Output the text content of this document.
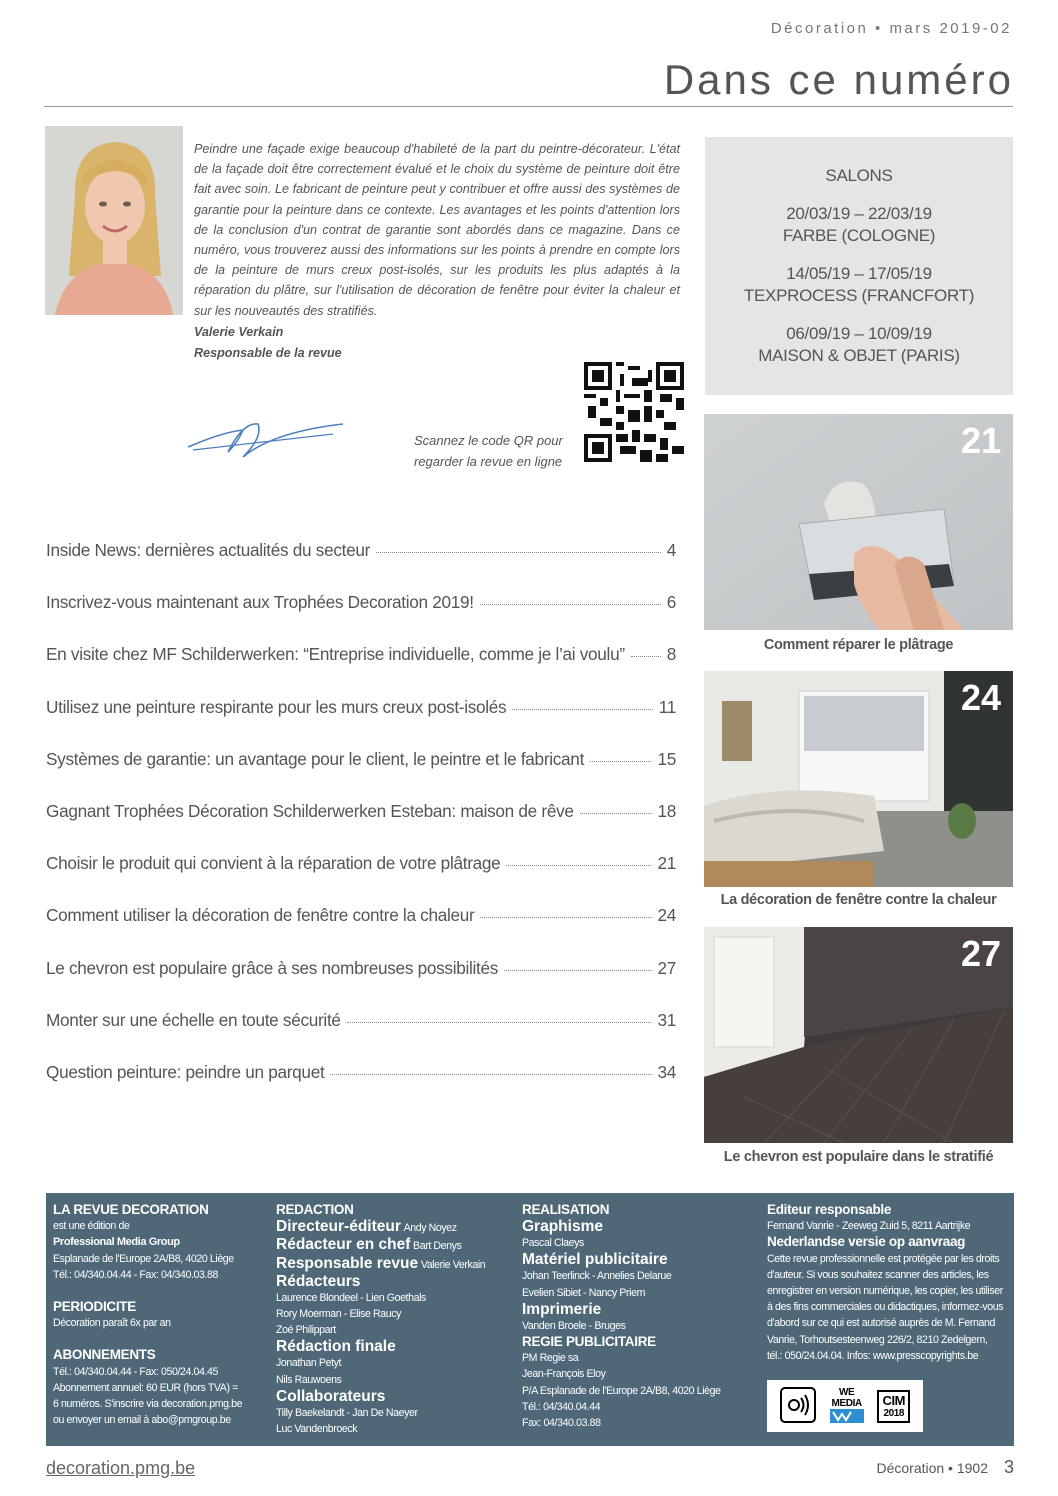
Décoration • mars 2019-02
Dans ce numéro
Peindre une façade exige beaucoup d'habileté de la part du peintre-décorateur. L'état de la façade doit être correctement évalué et le choix du système de peinture doit être fait avec soin. Le fabricant de peinture peut y contribuer et offre aussi des systèmes de garantie pour la peinture dans ce contexte. Les avantages et les points d'attention lors de la conclusion d'un contrat de garantie sont abordés dans ce magazine. Dans ce numéro, vous trouverez aussi des informations sur les points à prendre en compte lors de la peinture de murs creux post-isolés, sur les produits les plus adaptés à la réparation du plâtre, sur l'utilisation de décoration de fenêtre pour éviter la chaleur et sur les nouveautés des stratifiés.
Valerie Verkain
Responsable de la revue
Scannez le code QR pour
regarder la revue en ligne
SALONS
20/03/19 – 22/03/19
FARBE (COLOGNE)
14/05/19 – 17/05/19
TEXPROCESS (FRANCFORT)
06/09/19 – 10/09/19
MAISON & OBJET (PARIS)
21
Comment réparer le plâtrage
24
La décoration de fenêtre contre la chaleur
27
Le chevron est populaire dans le stratifié
Inside News: dernières actualités du secteur	4
Inscrivez-vous maintenant aux Trophées Decoration 2019!	6
En visite chez MF Schilderwerken: “Entreprise individuelle, comme je l’ai voulu” 8
Utilisez une peinture respirante pour les murs creux post-isolés	11
Systèmes de garantie: un avantage pour le client, le peintre et le fabricant	15
Gagnant Trophées Décoration Schilderwerken Esteban: maison de rêve	18
Choisir le produit qui convient à la réparation de votre plâtrage	21
Comment utiliser la décoration de fenêtre contre la chaleur	24
Le chevron est populaire grâce à ses nombreuses possibilités	27
Monter sur une échelle en toute sécurité	31
Question peinture: peindre un parquet	34
LA REVUE DECORATION
est une édition de
Professional Media Group
Esplanade de l'Europe 2A/B8, 4020 Liège
Tél.: 04/340.04.44 - Fax: 04/340.03.88
PERIODICITE
Décoration paraît 6x par an
ABONNEMENTS
Tél.: 04/340.04.44 - Fax: 050/24.04.45
Abonnement annuel: 60 EUR (hors TVA) =
6 numéros. S'inscrire via decoration.pmg.be
ou envoyer un email à abo@pmgroup.be
REDACTION
Directeur-éditeur Andy Noyez
Rédacteur en chef Bart Denys
Responsable revue Valerie Verkain
Rédacteurs
Laurence Blondeel - Lien Goethals
Rory Moerman - Elise Raucy
Zoé Philippart
Rédaction finale
Jonathan Petyt
Nils Rauwoens
Collaborateurs
Tilly Baekelandt - Jan De Naeyer
Luc Vandenbroeck
REALISATION
Graphisme
Pascal Claeys
Matériel publicitaire
Johan Teerlinck - Annelies Delarue
Evelien Sibiet - Nancy Priem
Imprimerie
Vanden Broele - Bruges
REGIE PUBLICITAIRE
PM Regie sa
Jean-François Eloy
P/A Esplanade de l'Europe 2A/B8, 4020 Liège
Tél.: 04/340.04.44
Fax: 04/340.03.88
Editeur responsable
Fernand Vanrie - Zeeweg Zuid 5, 8211 Aartrijke
Nederlandse versie op aanvraag
Cette revue professionnelle est protégée par les droits
d'auteur. Si vous souhaitez scanner des articles, les
enregistrer en version numérique, les copier, les utiliser
à des fins commerciales ou didactiques, informez-vous
d'abord sur ce qui est autorisé auprès de M. Fernand
Vanrie, Torhoutsesteenweg 226/2, 8210 Zedelgem,
tél.: 050/24.04.04. Infos: www.presscopyrights.be
WE
MEDIA CIM
2018
decoration.pmg.be	Décoration • 1902 3
